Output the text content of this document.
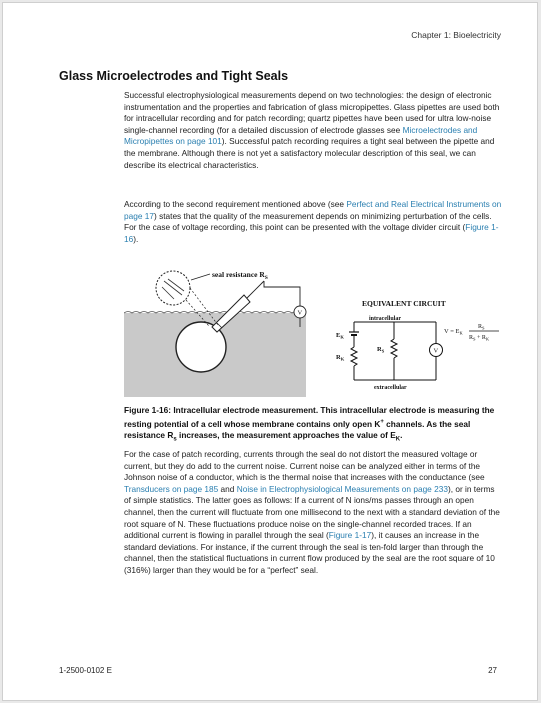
Chapter 1: Bioelectricity
Glass Microelectrodes and Tight Seals
Successful electrophysiological measurements depend on two technologies: the design of electronic instrumentation and the properties and fabrication of glass micropipettes. Glass pipettes are used both for intracellular recording and for patch recording; quartz pipettes have been used for ultra low-noise single-channel recording (for a detailed discussion of electrode glasses see Microelectrodes and Micropipettes on page 101). Successful patch recording requires a tight seal between the pipette and the membrane. Although there is not yet a satisfactory molecular description of this seal, we can describe its electrical characteristics.
According to the second requirement mentioned above (see Perfect and Real Electrical Instruments on page 17) states that the quality of the measurement depends on minimizing perturbation of the cells. For the case of voltage recording, this point can be presented with the voltage divider circuit (Figure 1-16).
seal resistance $R_S$
V
EQUIVALENT CIRCUIT
intracellular
extracellular
$E_K$
$R_K$
$R_S$	V
$V = E_K$
$R_S$
$R_S + R_K$
Figure 1-16: Intracellular electrode measurement. This intracellular electrode is measuring the resting potential of a cell whose membrane contains only open K+ channels. As the seal resistance $R_s$ increases, the measurement approaches the value of $E_K$.
For the case of patch recording, currents through the seal do not distort the measured voltage or current, but they do add to the current noise. Current noise can be analyzed either in terms of the Johnson noise of a conductor, which is the thermal noise that increases with the conductance (see Transducers on page 185 and Noise in Electrophysiological Measurements on page 233), or in terms of simple statistics. The latter goes as follows: If a current of N ions/ms passes through an open channel, then the current will fluctuate from one millisecond to the next with a standard deviation of the root square of N. These fluctuations produce noise on the single-channel recorded traces. If an additional current is flowing in parallel through the seal (Figure 1-17), it causes an increase in the standard deviations. For instance, if the current through the seal is ten-fold larger than through the channel, then the statistical fluctuations in current flow produced by the seal are the root square of 10 (316%) larger than they would be for a “perfect” seal.
1-2500-0102 E	27
